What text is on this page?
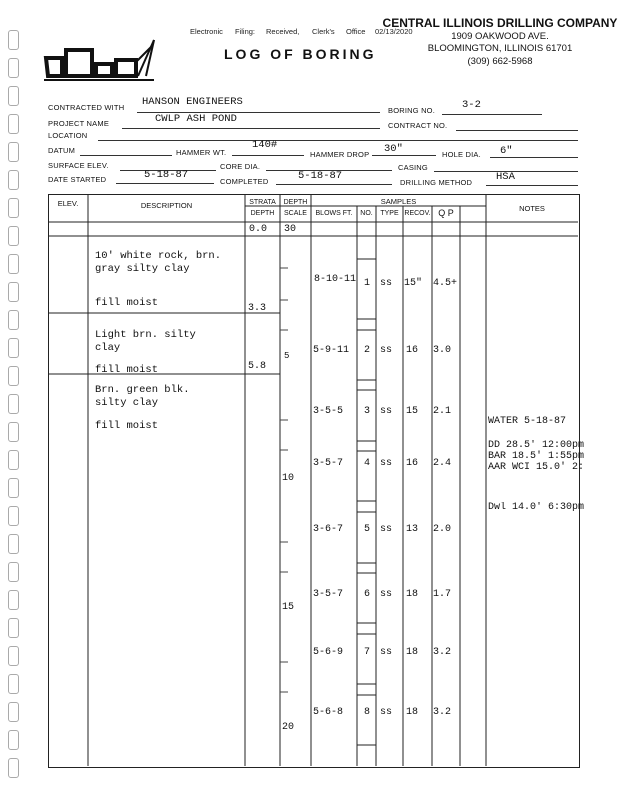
Electronic Filing: Received, Clerk's Office 02/13/2020
CENTRAL ILLINOIS DRILLING COMPANY
1909 OAKWOOD AVE.
BLOOMINGTON, ILLINOIS 61701
(309) 662-5968
LOG OF BORING
CONTRACTED WITH HANSON ENGINEERS
BORING NO.	3-2
PROJECT NAME	CWLP ASH POND
CONTRACT NO.
LOCATION
DATUM	HAMMER WT.
140#
HAMMER DROP 30"	HOLE DIA. 6"
SURFACE ELEV.	CORE DIA.	CASING
DATE STARTED	5-18-87
COMPLETED	5-18-87
DRILLING METHOD HSA
ELEV.	DESCRIPTION	STRATA
DEPTH
DEPTH
SCALE
SAMPLES
BLOWS FT.	NO.	TYPE RECOV. Q P	NOTES
0.0 30
10' white rock, brn.
gray silty clay
fill moist	3.3
Light brn. silty
clay
fill moist	5.8
Brn. green blk.
silty clay
fill moist
8-10-11 1 ss 15" 4.5+
5-9-11 2 ss 16 3.0
3-5-5 3 ss 15 2.1
3-5-7 4 ss 16 2.4
3-6-7 5 ss 13 2.0
3-5-7 6 ss 18 1.7
5-6-9 7 ss 18 3.2
5-6-8 8 ss 18 3.2
5
10
15
20
WATER 5-18-87
DD 28.5' 12:00pm
BAR 18.5' 1:55pm
AAR WCI 15.0' 2:
Dwl 14.0' 6:30pm
